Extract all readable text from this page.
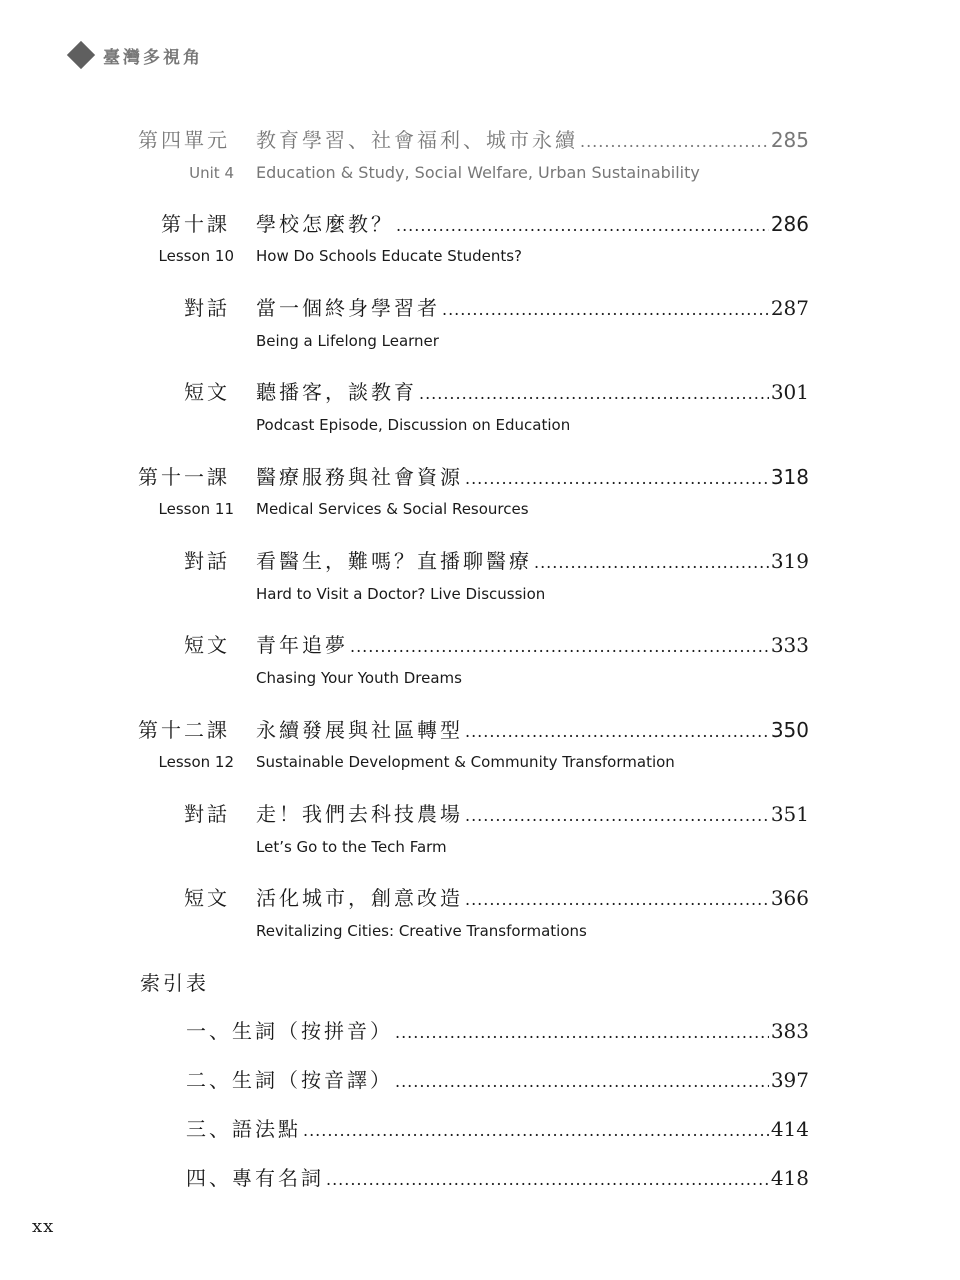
臺灣多視角
第四單元 教育學習、社會福利、城市永續 .....	285
Unit 4 Education & Study, Social Welfare, Urban Sustainability
第十課 學校怎麼教？ .....	286
Lesson 10 How Do Schools Educate Students?
對話 當一個終身學習者 .....	287
Being a Lifelong Learner
短文 聽播客，談教育 .....	301
Podcast Episode, Discussion on Education
第十一課 醫療服務與社會資源 .....	318
Lesson 11 Medical Services & Social Resources
對話 看醫生，難嗎？直播聊醫療 .....	319
Hard to Visit a Doctor? Live Discussion
短文 青年追夢 .....	333
Chasing Your Youth Dreams
第十二課 永續發展與社區轉型 .....	350
Lesson 12 Sustainable Development & Community Transformation
對話 走！我們去科技農場 .....	351
Let’s Go to the Tech Farm
短文 活化城市，創意改造 .....	366
Revitalizing Cities: Creative Transformations
索引表
一、生詞（按拼音） .....	383
二、生詞（按音譯） .....	397
三、語法點 .....	414
四、專有名詞 .....	418
xx
